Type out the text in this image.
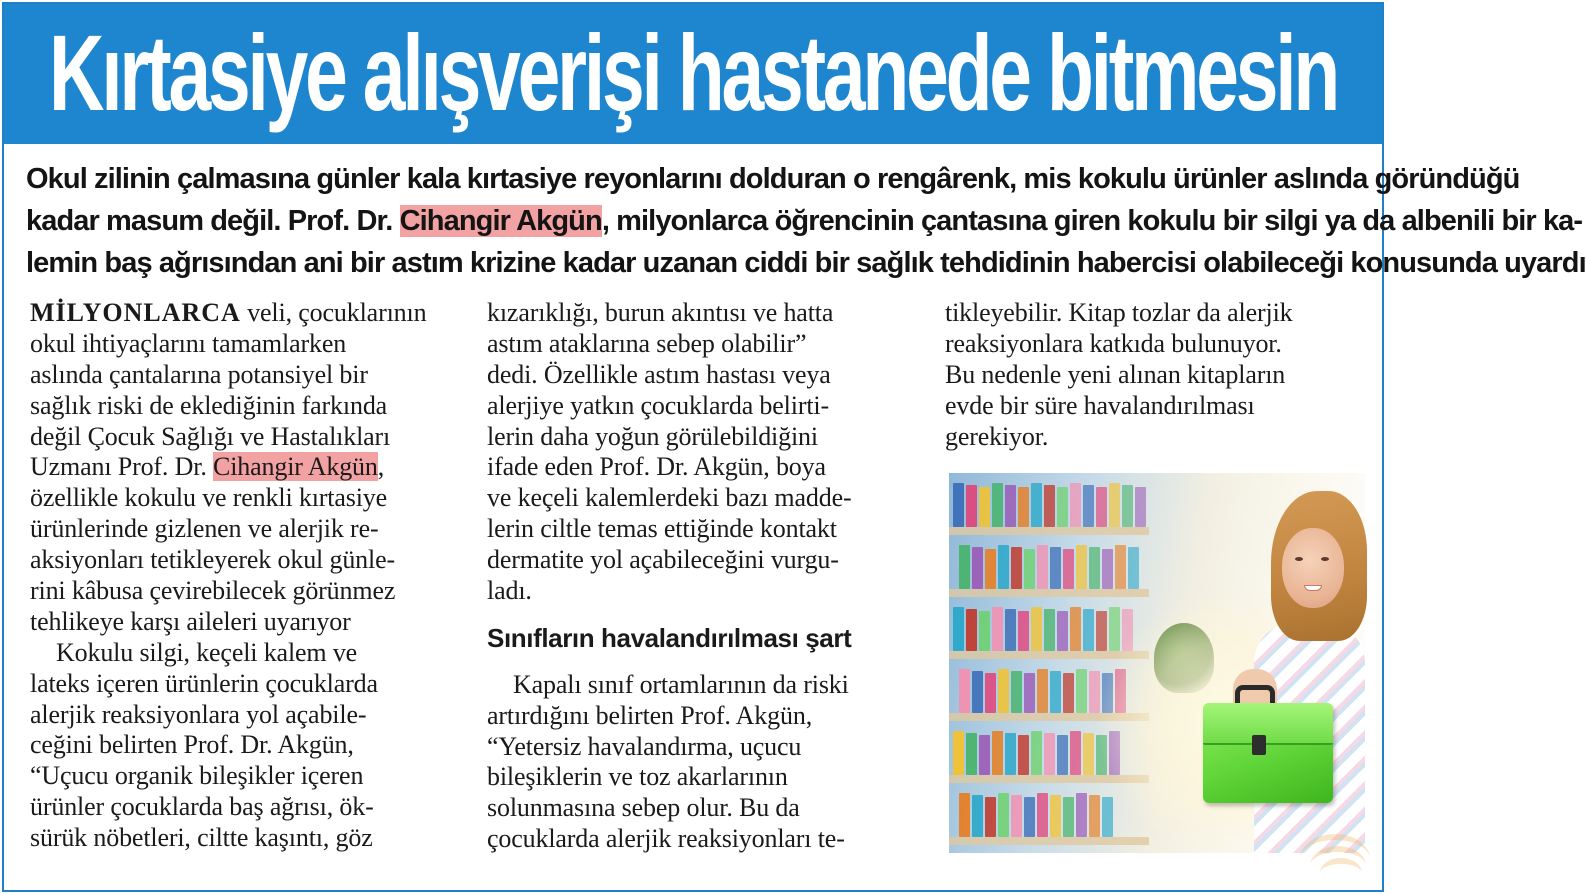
Kırtasiye alışverişi hastanede bitmesin
Okul zilinin çalmasına günler kala kırtasiye reyonlarını dolduran o rengârenk, mis kokulu ürünler aslında göründüğü
kadar masum değil. Prof. Dr. Cihangir Akgün, milyonlarca öğrencinin çantasına giren kokulu bir silgi ya da albenili bir ka-
lemin baş ağrısından ani bir astım krizine kadar uzanan ciddi bir sağlık tehdidinin habercisi olabileceği konusunda uyardı
MİLYONLARCA veli, çocuklarının
okul ihtiyaçlarını tamamlarken
aslında çantalarına potansiyel bir
sağlık riski de eklediğinin farkında
değil Çocuk Sağlığı ve Hastalıkları
Uzmanı Prof. Dr. Cihangir Akgün,
özellikle kokulu ve renkli kırtasiye
ürünlerinde gizlenen ve alerjik re-
aksiyonları tetikleyerek okul günle-
rini kâbusa çevirebilecek görünmez
tehlikeye karşı aileleri uyarıyor
Kokulu silgi, keçeli kalem ve
lateks içeren ürünlerin çocuklarda
alerjik reaksiyonlara yol açabile-
ceğini belirten Prof. Dr. Akgün,
“Uçucu organik bileşikler içeren
ürünler çocuklarda baş ağrısı, ök-
sürük nöbetleri, ciltte kaşıntı, göz
kızarıklığı, burun akıntısı ve hatta
astım ataklarına sebep olabilir”
dedi. Özellikle astım hastası veya
alerjiye yatkın çocuklarda belirti-
lerin daha yoğun görülebildiğini
ifade eden Prof. Dr. Akgün, boya
ve keçeli kalemlerdeki bazı madde-
lerin ciltle temas ettiğinde kontakt
dermatite yol açabileceğini vurgu-
ladı.
Sınıfların havalandırılması şart
Kapalı sınıf ortamlarının da riski
artırdığını belirten Prof. Akgün,
“Yetersiz havalandırma, uçucu
bileşiklerin ve toz akarlarının
solunmasına sebep olur. Bu da
çocuklarda alerjik reaksiyonları te-
tikleyebilir. Kitap tozlar da alerjik
reaksiyonlara katkıda bulunuyor.
Bu nedenle yeni alınan kitapların
evde bir süre havalandırılması
gerekiyor.
